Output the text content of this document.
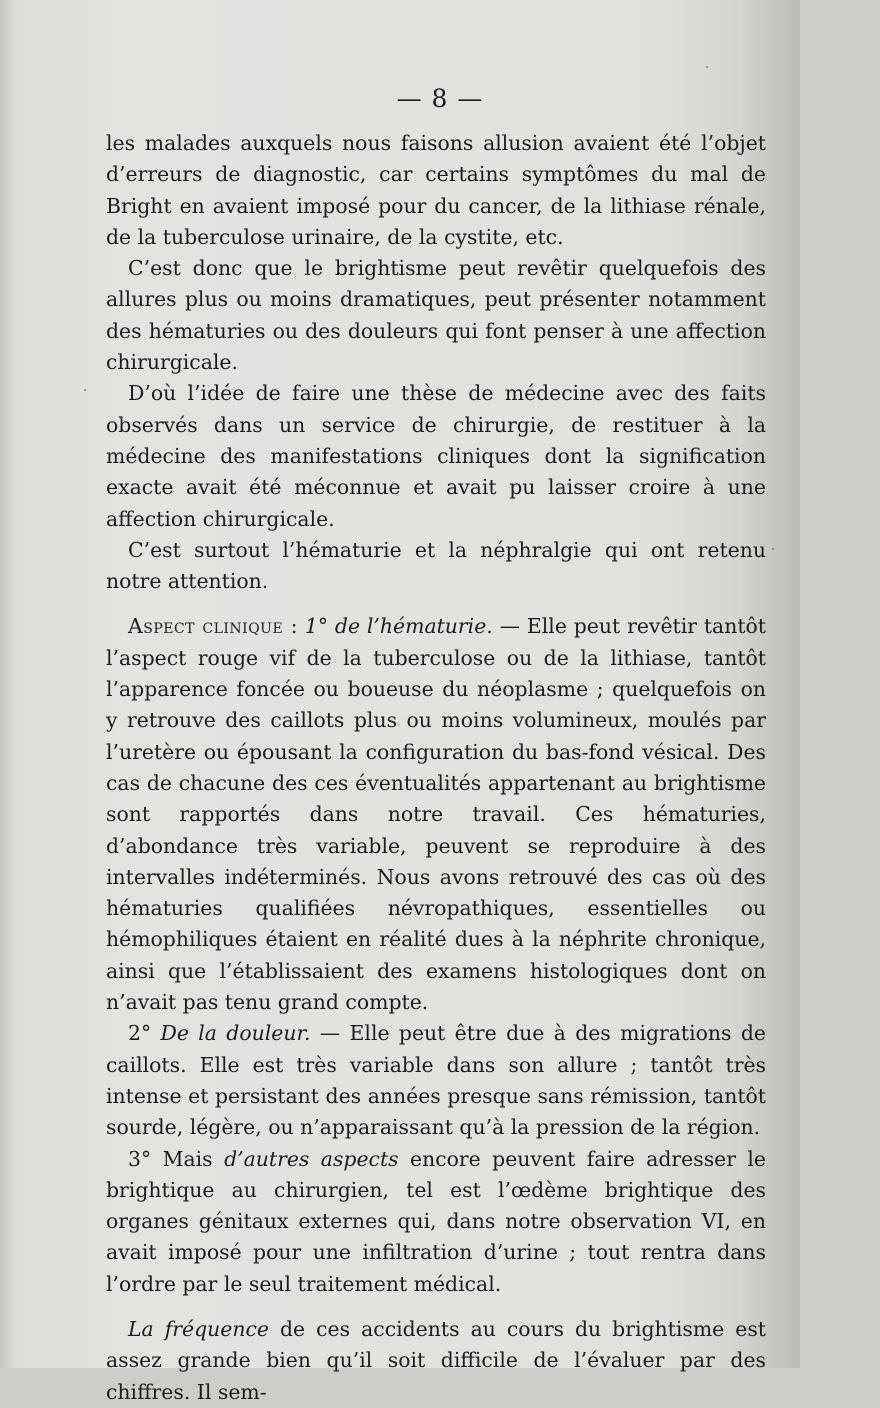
— 8 —

les malades auxquels nous faisons allusion avaient été l’objet d’erreurs de diagnostic, car certains symptômes du mal de Bright en avaient imposé pour du cancer, de la lithiase rénale, de la tuberculose urinaire, de la cystite, etc.

C’est donc que le brightisme peut revêtir quelquefois des allures plus ou moins dramatiques, peut présenter notamment des hématuries ou des douleurs qui font penser à une affection chirurgicale.

D’où l’idée de faire une thèse de médecine avec des faits observés dans un service de chirurgie, de restituer à la médecine des manifestations cliniques dont la signification exacte avait été méconnue et avait pu laisser croire à une affection chirurgicale.

C’est surtout l’hématurie et la néphralgie qui ont retenu notre attention.

Aspect clinique : 1° de l’hématurie. — Elle peut revêtir tantôt l’aspect rouge vif de la tuberculose ou de la lithiase, tantôt l’apparence foncée ou boueuse du néoplasme ; quelquefois on y retrouve des caillots plus ou moins volumineux, moulés par l’uretère ou épousant la configuration du bas-fond vésical. Des cas de chacune des ces éventualités appartenant au brightisme sont rapportés dans notre travail. Ces hématuries, d’abondance très variable, peuvent se reproduire à des intervalles indéterminés. Nous avons retrouvé des cas où des hématuries qualifiées névropathiques, essentielles ou hémophiliques étaient en réalité dues à la néphrite chronique, ainsi que l’établissaient des examens histologiques dont on n’avait pas tenu grand compte.

2° De la douleur. — Elle peut être due à des migrations de caillots. Elle est très variable dans son allure ; tantôt très intense et persistant des années presque sans rémission, tantôt sourde, légère, ou n’apparaissant qu’à la pression de la région.

3° Mais d’autres aspects encore peuvent faire adresser le brightique au chirurgien, tel est l’œdème brightique des organes génitaux externes qui, dans notre observation VI, en avait imposé pour une infiltration d’urine ; tout rentra dans l’ordre par le seul traitement médical.

La fréquence de ces accidents au cours du brightisme est assez grande bien qu’il soit difficile de l’évaluer par des chiffres. Il sem-
